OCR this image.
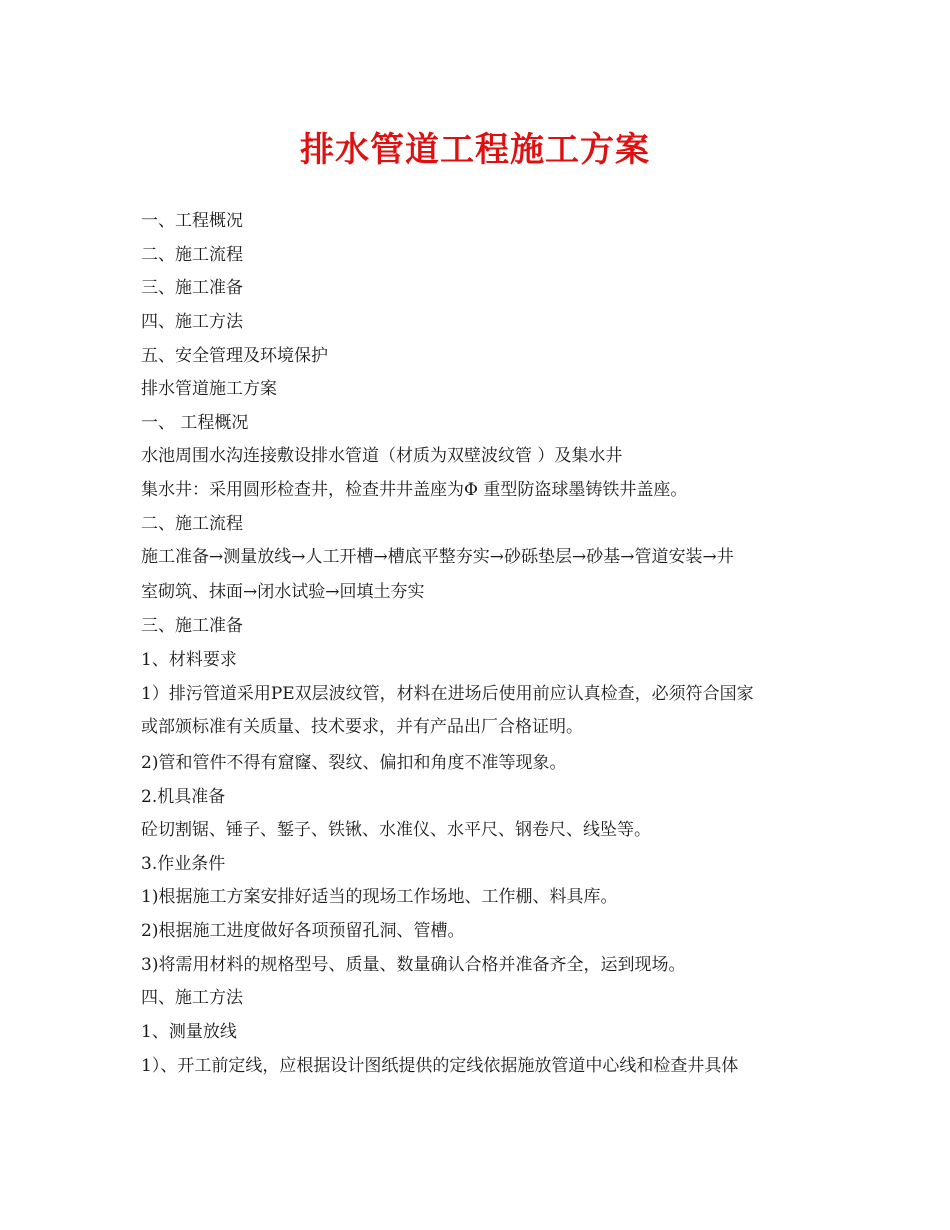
排水管道工程施工方案
一、工程概况
二、施工流程
三、施工准备
四、施工方法
五、安全管理及环境保护
排水管道施工方案
一、 工程概况
水池周围水沟连接敷设排水管道（材质为双壁波纹管 ）及集水井
集水井：采用圆形检查井，检查井井盖座为Φ 重型防盗球墨铸铁井盖座。
二、施工流程
施工准备→测量放线→人工开槽→槽底平整夯实→砂砾垫层→砂基→管道安装→井
室砌筑、抹面→闭水试验→回填土夯实
三、施工准备
1、材料要求
1）排污管道采用PE双层波纹管，材料在进场后使用前应认真检查，必须符合国家
或部颁标准有关质量、技术要求，并有产品出厂合格证明。
2)管和管件不得有窟窿、裂纹、偏扣和角度不准等现象。
2.机具准备
砼切割锯、锤子、錾子、铁锹、水准仪、水平尺、钢卷尺、线坠等。
3.作业条件
1)根据施工方案安排好适当的现场工作场地、工作棚、料具库。
2)根据施工进度做好各项预留孔洞、管槽。
3)将需用材料的规格型号、质量、数量确认合格并准备齐全，运到现场。
四、施工方法
1、测量放线
1）、开工前定线，应根据设计图纸提供的定线依据施放管道中心线和检查井具体
